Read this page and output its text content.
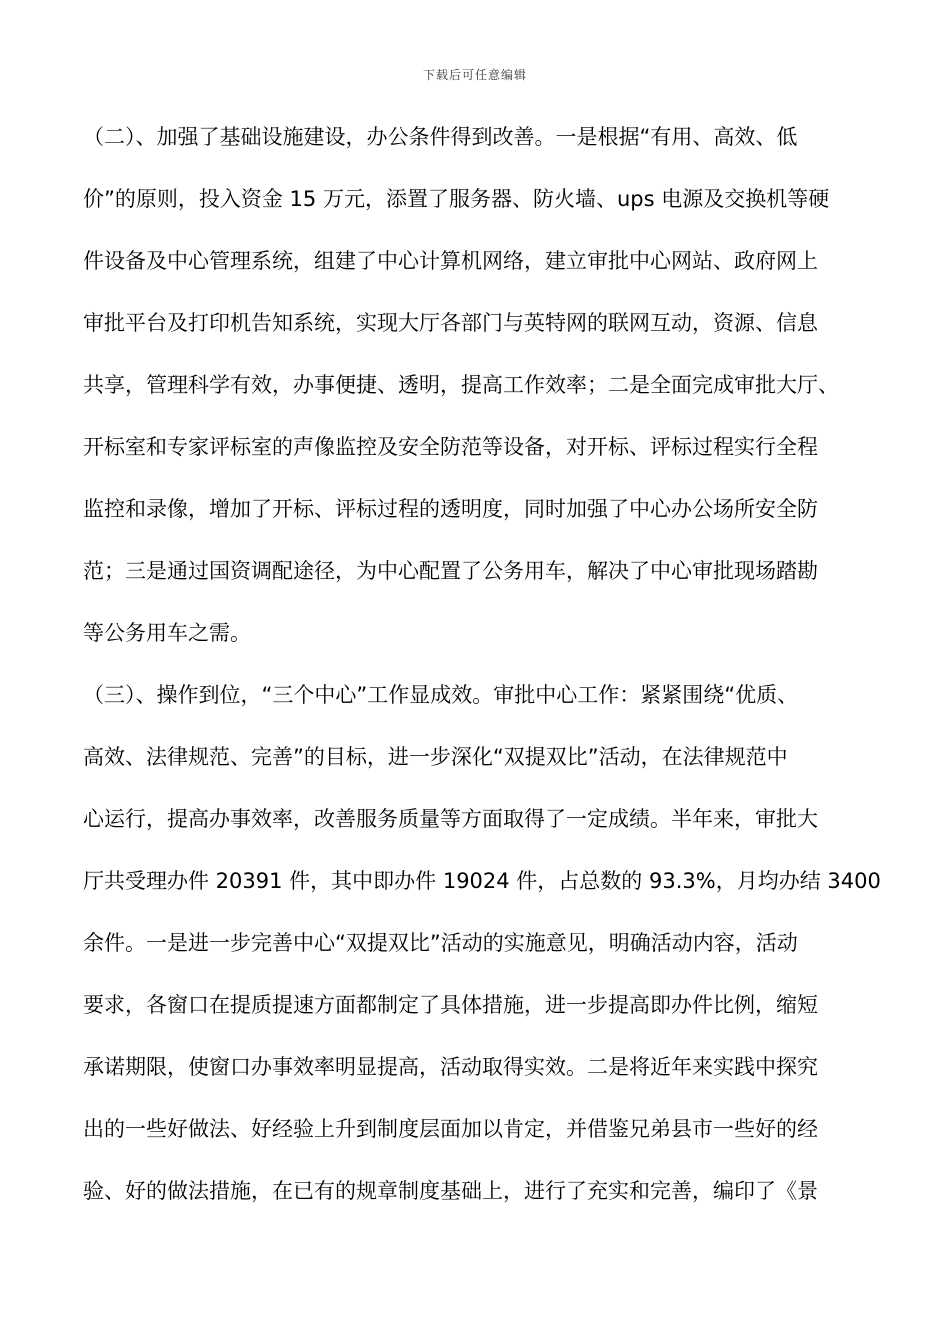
下载后可任意编辑
（二）、加强了基础设施建设，办公条件得到改善。一是根据“有用、高效、低
价”的原则，投入资金 15 万元，添置了服务器、防火墙、ups 电源及交换机等硬
件设备及中心管理系统，组建了中心计算机网络，建立审批中心网站、政府网上
审批平台及打印机告知系统，实现大厅各部门与英特网的联网互动，资源、信息
共享，管理科学有效，办事便捷、透明，提高工作效率；二是全面完成审批大厅、
开标室和专家评标室的声像监控及安全防范等设备，对开标、评标过程实行全程
监控和录像，增加了开标、评标过程的透明度，同时加强了中心办公场所安全防
范；三是通过国资调配途径，为中心配置了公务用车，解决了中心审批现场踏勘
等公务用车之需。
（三）、操作到位，“三个中心”工作显成效。审批中心工作：紧紧围绕“优质、
高效、法律规范、完善”的目标，进一步深化“双提双比”活动，在法律规范中
心运行，提高办事效率，改善服务质量等方面取得了一定成绩。半年来，审批大
厅共受理办件 20391 件，其中即办件 19024 件，占总数的 93.3%，月均办结 3400
余件。一是进一步完善中心“双提双比”活动的实施意见，明确活动内容，活动
要求，各窗口在提质提速方面都制定了具体措施，进一步提高即办件比例，缩短
承诺期限，使窗口办事效率明显提高，活动取得实效。二是将近年来实践中探究
出的一些好做法、好经验上升到制度层面加以肯定，并借鉴兄弟县市一些好的经
验、好的做法措施，在已有的规章制度基础上，进行了充实和完善，编印了《景
